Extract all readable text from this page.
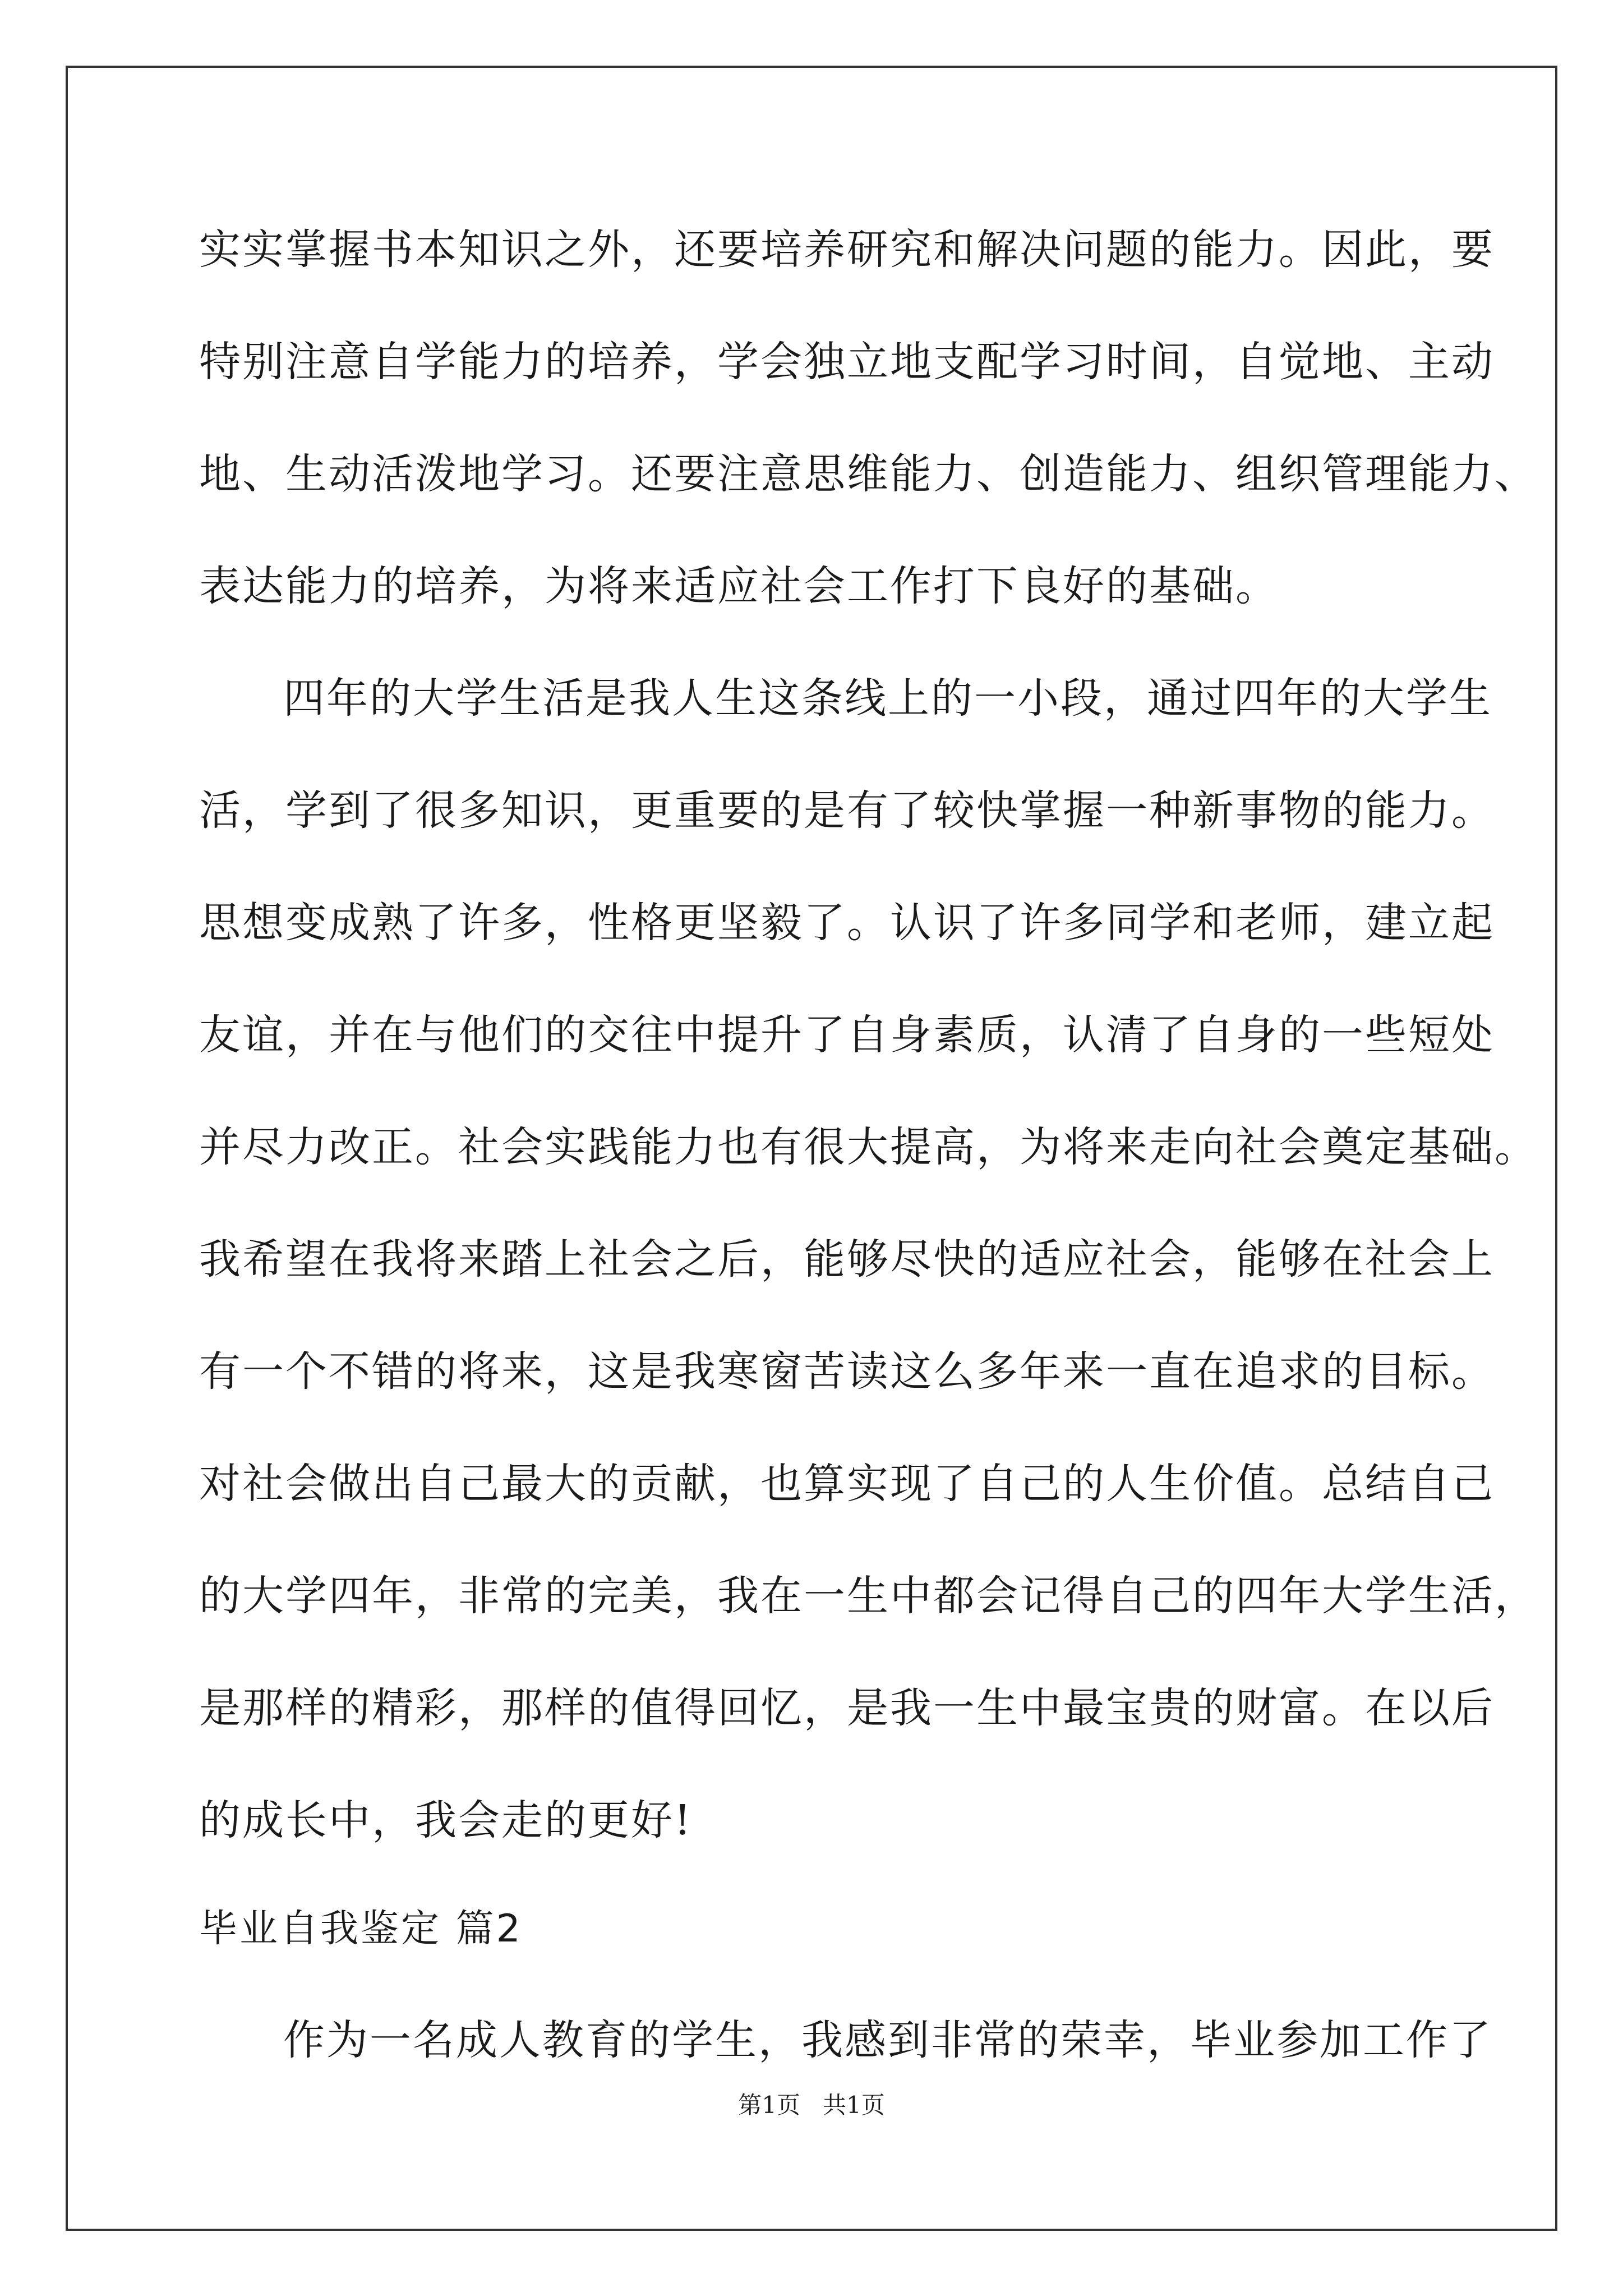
实实掌握书本知识之外，还要培养研究和解决问题的能力。因此，要
特别注意自学能力的培养，学会独立地支配学习时间，自觉地、主动
地、生动活泼地学习。还要注意思维能力、创造能力、组织管理能力、
表达能力的培养，为将来适应社会工作打下良好的基础。
四年的大学生活是我人生这条线上的一小段，通过四年的大学生
活，学到了很多知识，更重要的是有了较快掌握一种新事物的能力。
思想变成熟了许多，性格更坚毅了。认识了许多同学和老师，建立起
友谊，并在与他们的交往中提升了自身素质，认清了自身的一些短处
并尽力改正。社会实践能力也有很大提高，为将来走向社会奠定基础。
我希望在我将来踏上社会之后，能够尽快的适应社会，能够在社会上
有一个不错的将来，这是我寒窗苦读这么多年来一直在追求的目标。
对社会做出自己最大的贡献，也算实现了自己的人生价值。总结自己
的大学四年，非常的完美，我在一生中都会记得自己的四年大学生活，
是那样的精彩，那样的值得回忆，是我一生中最宝贵的财富。在以后
的成长中，我会走的更好!
毕业自我鉴定 篇2
作为一名成人教育的学生，我感到非常的荣幸，毕业参加工作了
第1页   共1页
